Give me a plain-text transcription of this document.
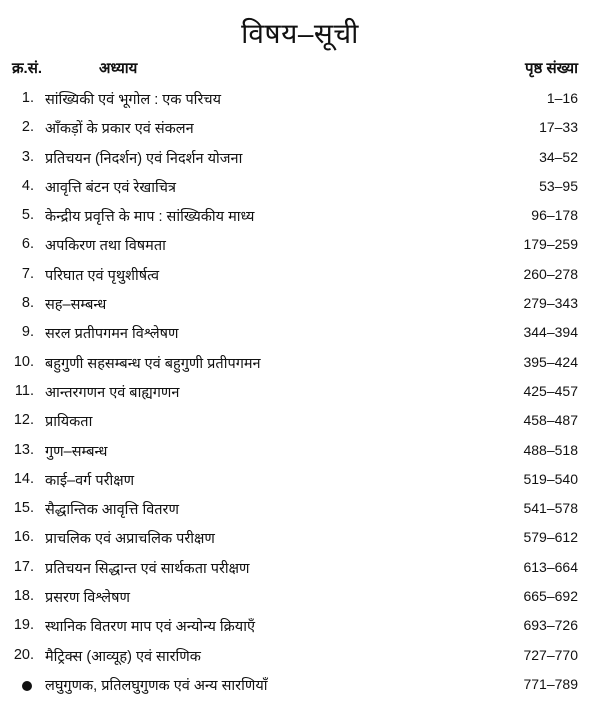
विषय–सूची
क्र.सं.	अध्याय	पृष्ठ संख्या
1. सांख्यिकी एवं भूगोल : एक परिचय	1–16
2. आँकड़ों के प्रकार एवं संकलन	17–33
3. प्रतिचयन (निदर्शन) एवं निदर्शन योजना	34–52
4. आवृत्ति बंटन एवं रेखाचित्र	53–95
5. केन्द्रीय प्रवृत्ति के माप : सांख्यिकीय माध्य	96–178
6. अपकिरण तथा विषमता	179–259
7. परिघात एवं पृथुशीर्षत्व	260–278
8. सह–सम्बन्ध	279–343
9. सरल प्रतीपगमन विश्लेषण	344–394
10. बहुगुणी सहसम्बन्ध एवं बहुगुणी प्रतीपगमन	395–424
11. आन्तरगणन एवं बाह्यगणन	425–457
12. प्रायिकता	458–487
13. गुण–सम्बन्ध	488–518
14. काई–वर्ग परीक्षण	519–540
15. सैद्धान्तिक आवृत्ति वितरण	541–578
16. प्राचलिक एवं अप्राचलिक परीक्षण	579–612
17. प्रतिचयन सिद्धान्त एवं सार्थकता परीक्षण	613–664
18. प्रसरण विश्लेषण	665–692
19. स्थानिक वितरण माप एवं अन्योन्य क्रियाएँ	693–726
20. मैट्रिक्स (आव्यूह) एवं सारणिक	727–770
लघुगुणक, प्रतिलघुगुणक एवं अन्य सारणियाँ	771–789
